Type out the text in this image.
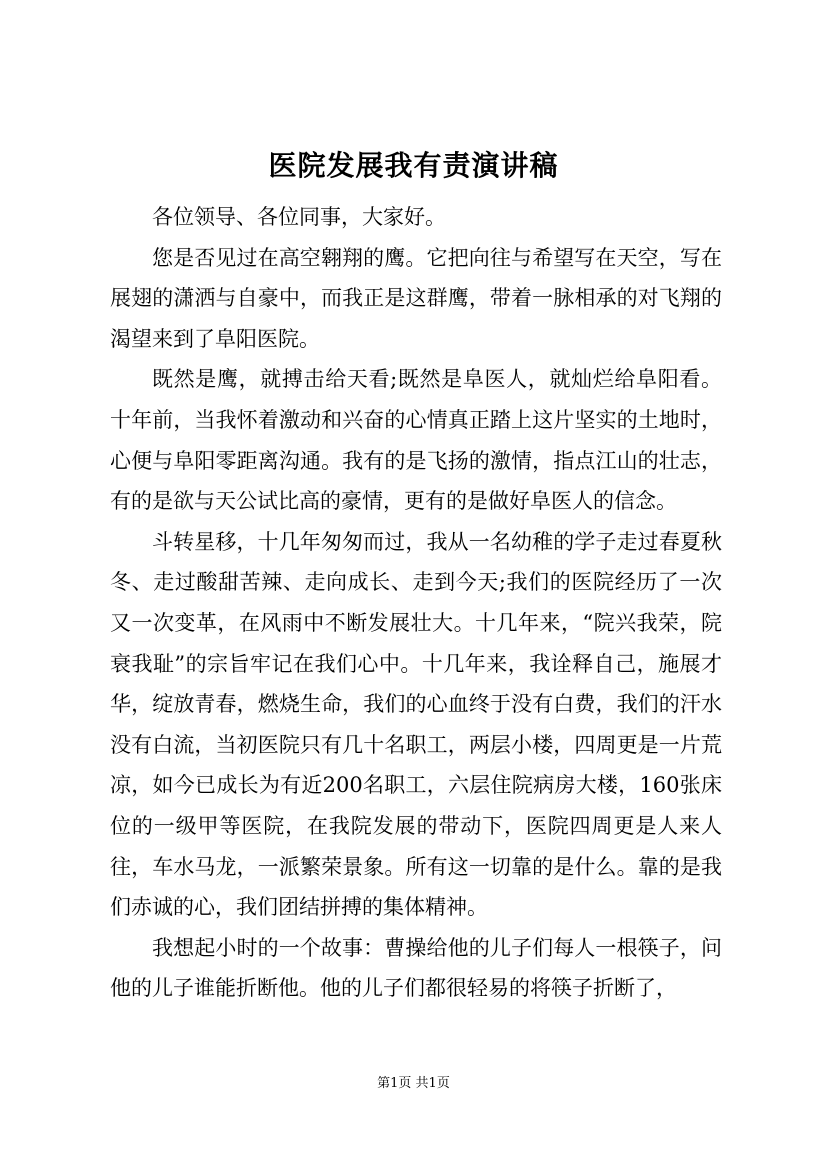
医院发展我有责演讲稿

各位领导、各位同事，大家好。

您是否见过在高空翱翔的鹰。它把向往与希望写在天空，写在展翅的潇洒与自豪中，而我正是这群鹰，带着一脉相承的对飞翔的渴望来到了阜阳医院。

既然是鹰，就搏击给天看;既然是阜医人，就灿烂给阜阳看。十年前，当我怀着激动和兴奋的心情真正踏上这片坚实的土地时，心便与阜阳零距离沟通。我有的是飞扬的激情，指点江山的壮志，有的是欲与天公试比高的豪情，更有的是做好阜医人的信念。

斗转星移，十几年匆匆而过，我从一名幼稚的学子走过春夏秋冬、走过酸甜苦辣、走向成长、走到今天;我们的医院经历了一次又一次变革，在风雨中不断发展壮大。十几年来，“院兴我荣，院衰我耻”的宗旨牢记在我们心中。十几年来，我诠释自己，施展才华，绽放青春，燃烧生命，我们的心血终于没有白费，我们的汗水没有白流，当初医院只有几十名职工，两层小楼，四周更是一片荒凉，如今已成长为有近200名职工，六层住院病房大楼，160张床位的一级甲等医院，在我院发展的带动下，医院四周更是人来人往，车水马龙，一派繁荣景象。所有这一切靠的是什么。靠的是我们赤诚的心，我们团结拼搏的集体精神。

我想起小时的一个故事：曹操给他的儿子们每人一根筷子，问他的儿子谁能折断他。他的儿子们都很轻易的将筷子折断了，

第1页 共1页
